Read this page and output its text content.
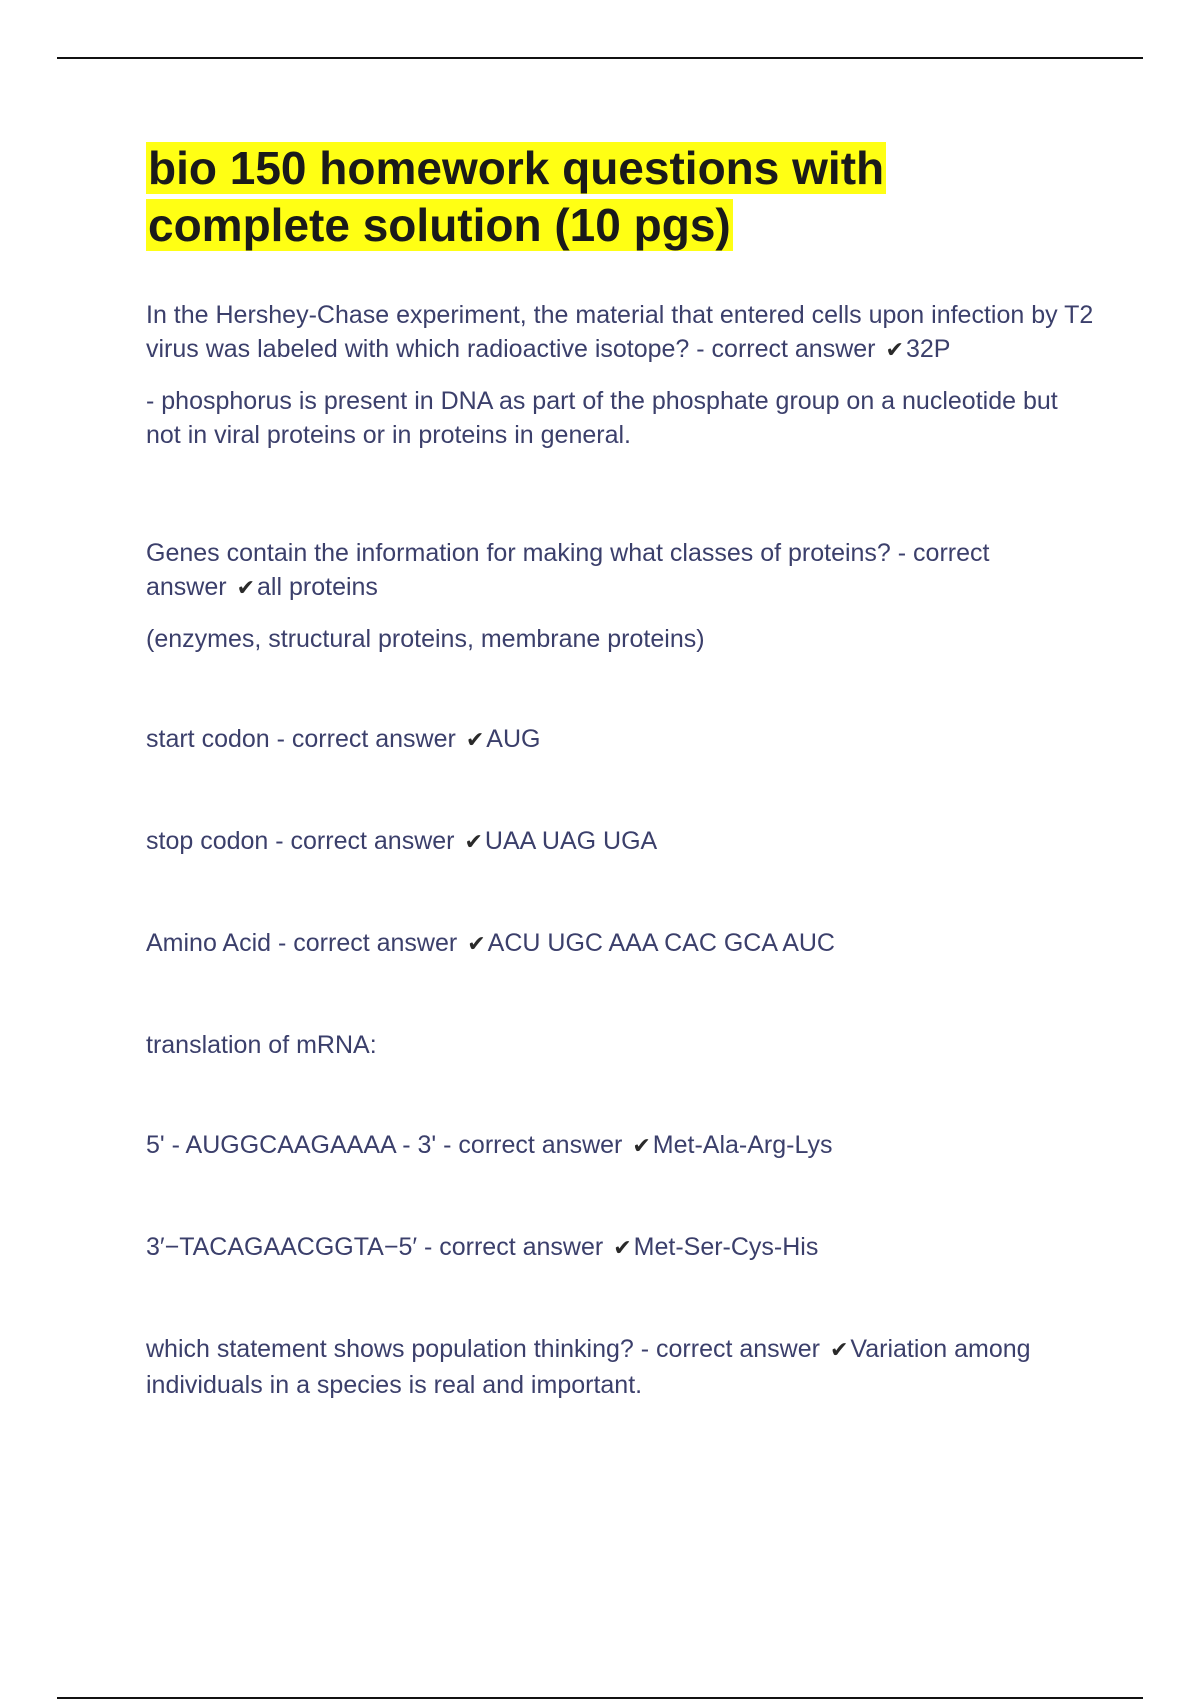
bio 150 homework questions with complete solution (10 pgs)

In the Hershey-Chase experiment, the material that entered cells upon infection by T2 virus was labeled with which radioactive isotope? - correct answer ✔32P

- phosphorus is present in DNA as part of the phosphate group on a nucleotide but not in viral proteins or in proteins in general.

Genes contain the information for making what classes of proteins? - correct answer ✔all proteins

(enzymes, structural proteins, membrane proteins)

start codon - correct answer ✔AUG

stop codon - correct answer ✔UAA UAG UGA

Amino Acid - correct answer ✔ACU UGC AAA CAC GCA AUC

translation of mRNA:

5' - AUGGCAAGAAAA - 3' - correct answer ✔Met-Ala-Arg-Lys

3′−TACAGAACGGTA−5′ - correct answer ✔Met-Ser-Cys-His

which statement shows population thinking? - correct answer ✔Variation among individuals in a species is real and important.
